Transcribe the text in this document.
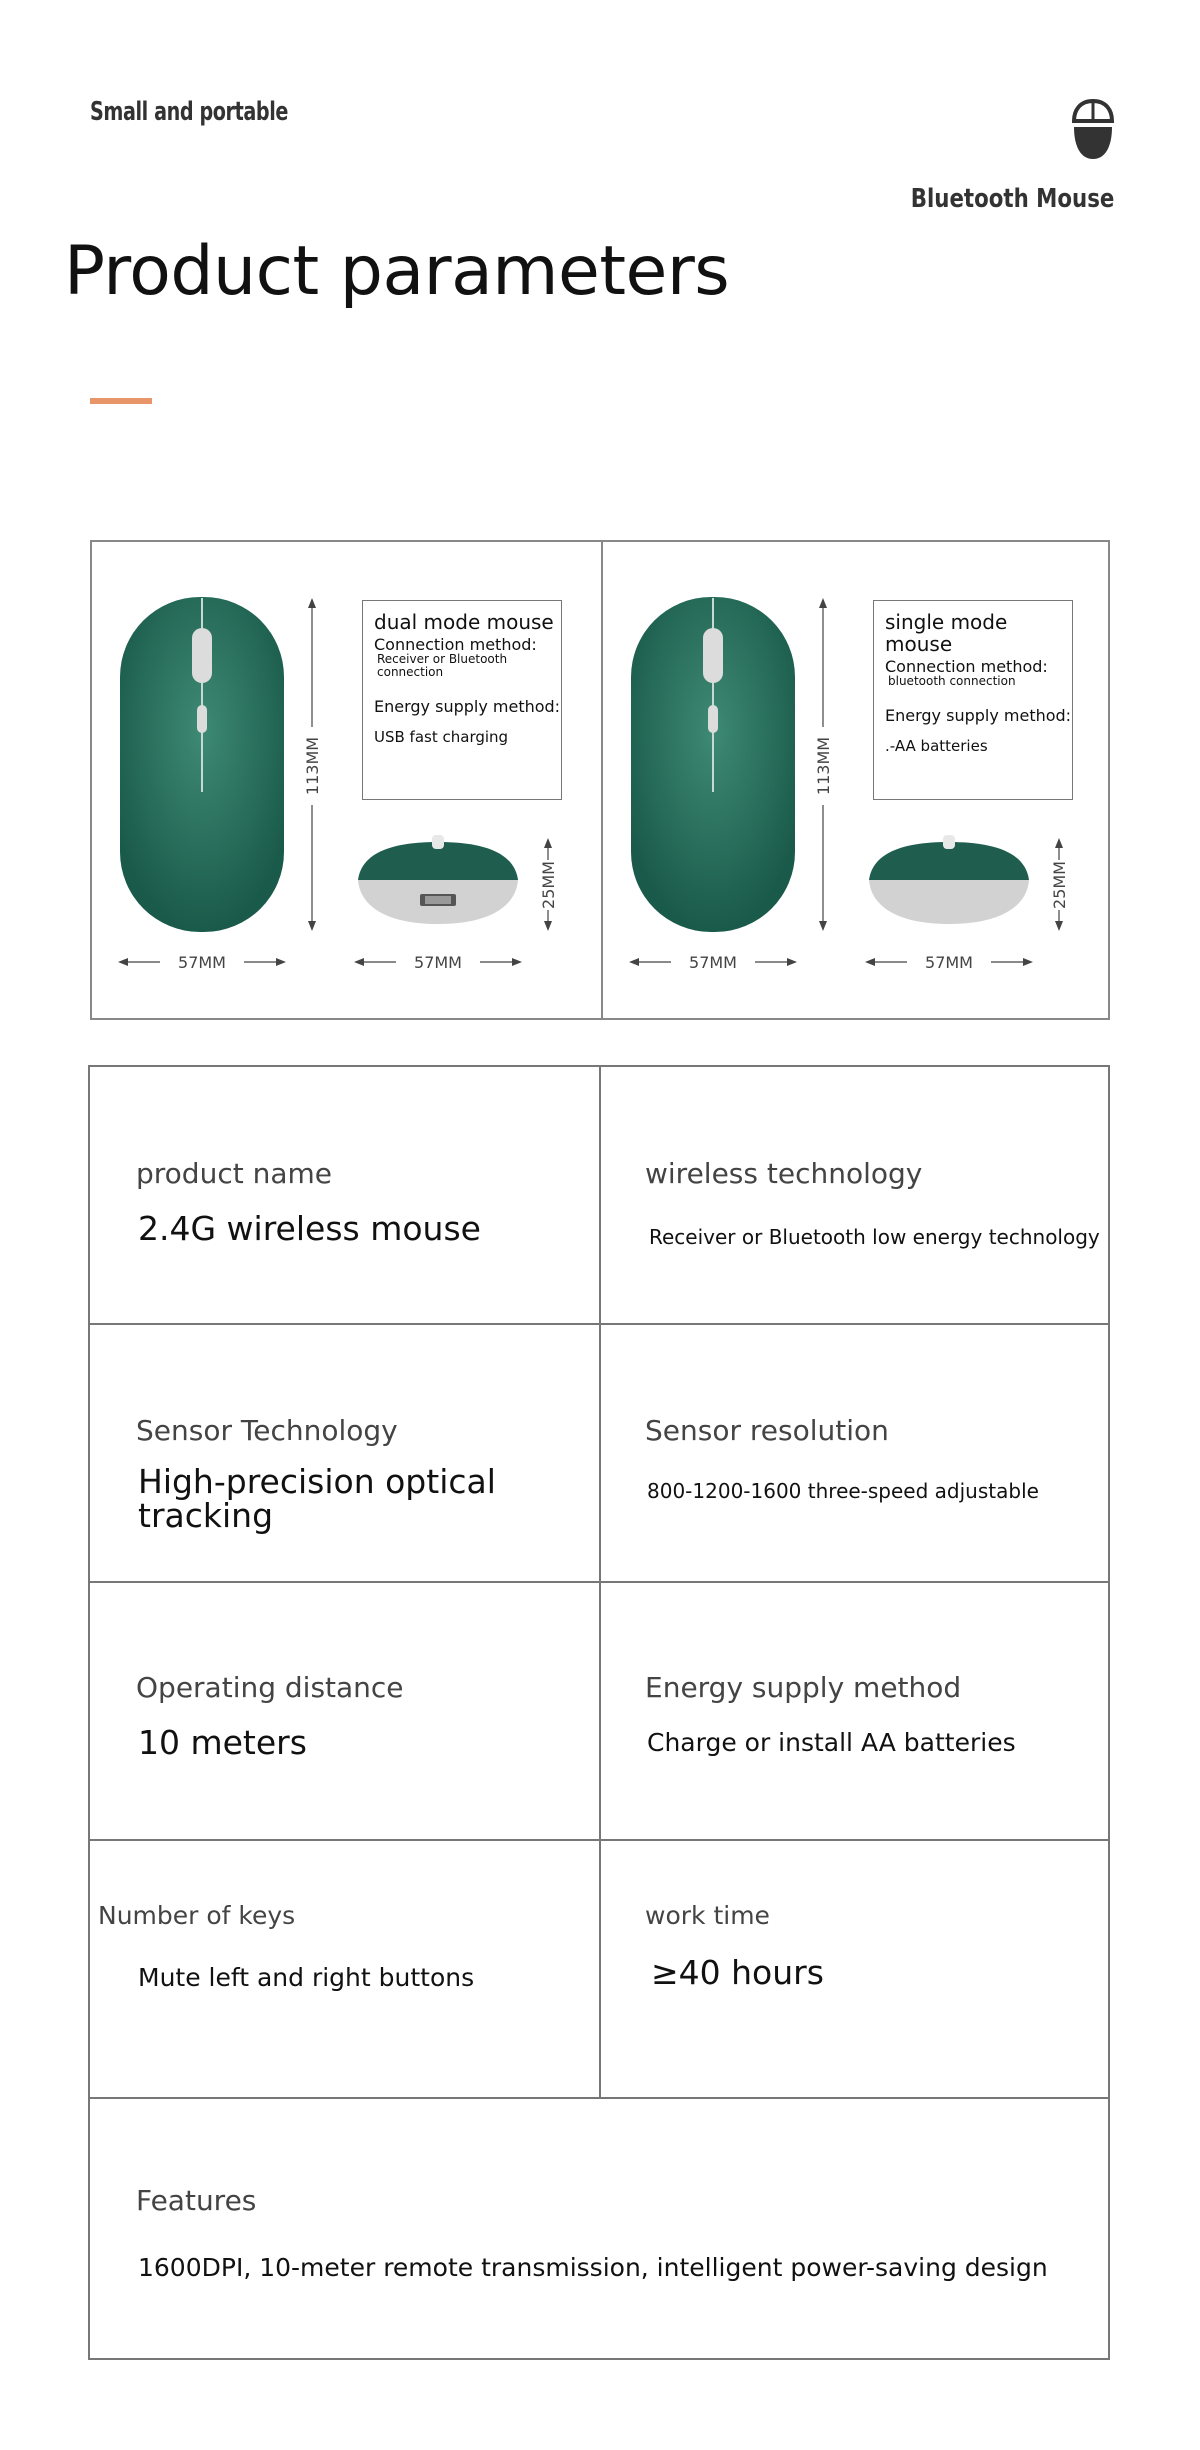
Small and portable
Bluetooth Mouse
Product parameters
113MM
57MM	57MM
25MM
dual mode mouse
Connection method:
Receiver or Bluetooth connection
Energy supply method:
USB fast charging	113MM
57MM	57MM
25MM
single mode mouse
Connection method:
bluetooth connection
Energy supply method:
.-AA batteries
product name
2.4G wireless mouse
wireless technology
Receiver or Bluetooth low energy technology
Sensor Technology
High-precision optical
tracking
Sensor resolution
800-1200-1600 three-speed adjustable
Operating distance
10 meters
Energy supply method
Charge or install AA batteries
Number of keys
Mute left and right buttons
work time
≥40 hours
Features
1600DPI, 10-meter remote transmission, intelligent power-saving design
